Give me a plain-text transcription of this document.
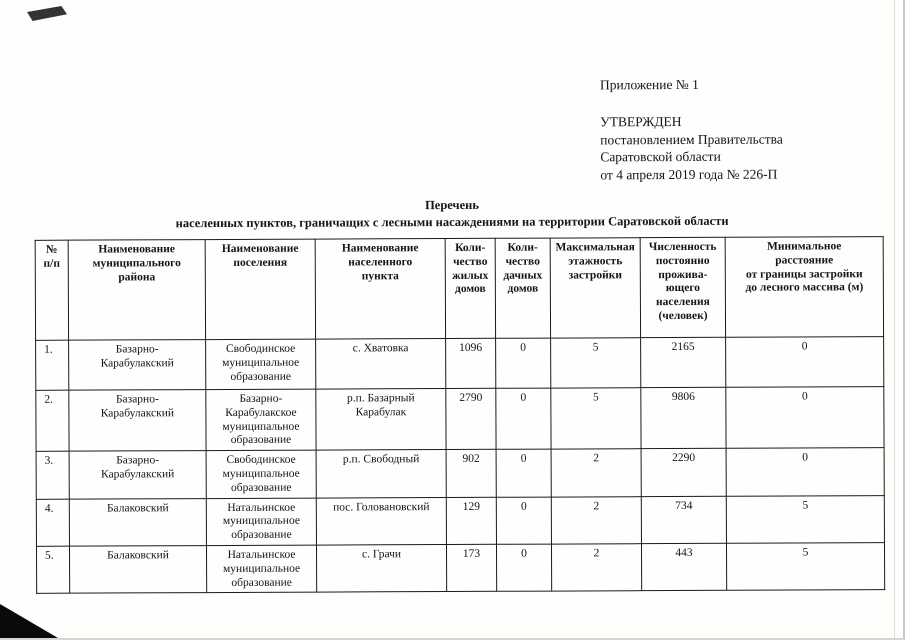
Приложение № 1
УТВЕРЖДЕН
постановлением Правительства
Саратовской области
от 4 апреля 2019 года № 226-П
Перечень
населенных пунктов, граничащих с лесными насаждениями на территории Саратовской области
№
п/п	Наименование
муниципального
района	Наименование
поселения	Наименование
населенного
пункта	Коли-
чество
жилых
домов	Коли-
чество
дачных
домов	Максимальная
этажность
застройки	Численность
постоянно
прожива-
ющего
населения
(человек)	Минимальное
расстояние
от границы застройки
до лесного массива (м)
1.	Базарно-
Карабулакский	Свободинское
муниципальное
образование	с. Хватовка	1096	0	5	2165	0
2.	Базарно-
Карабулакский	Базарно-
Карабулакское
муниципальное
образование	р.п. Базарный
Карабулак	2790	0	5	9806	0
3.	Базарно-
Карабулакский	Свободинское
муниципальное
образование	р.п. Свободный	902	0	2	2290	0
4.	Балаковский	Натальинское
муниципальное
образование	пос. Головановский	129	0	2	734	5
5.	Балаковский	Натальинское
муниципальное
образование	с. Грачи	173	0	2	443	5
